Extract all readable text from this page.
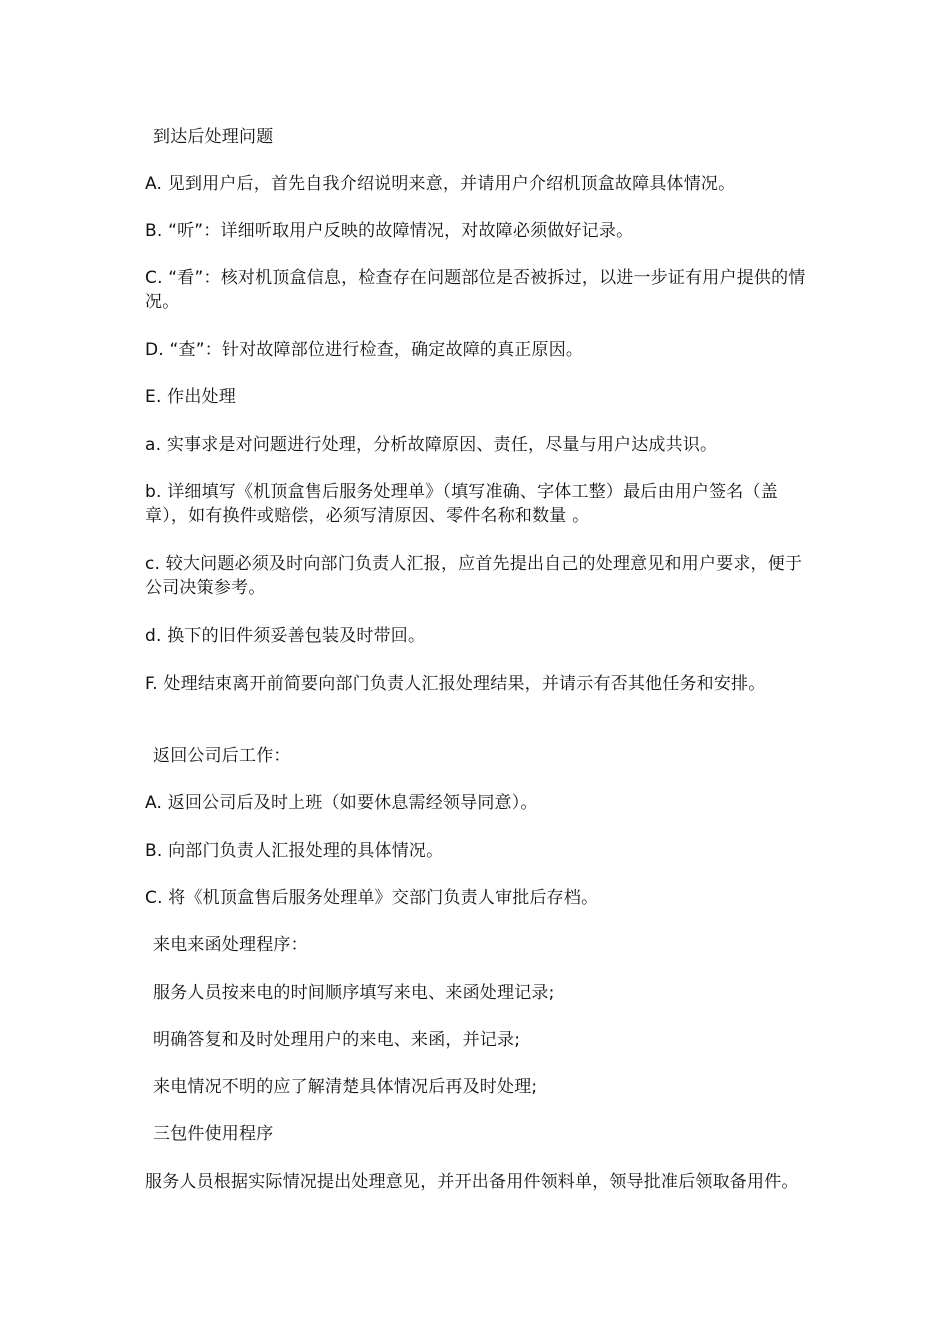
到达后处理问题

A. 见到用户后，首先自我介绍说明来意，并请用户介绍机顶盒故障具体情况。

B. “听”：详细听取用户反映的故障情况，对故障必须做好记录。

C. “看”：核对机顶盒信息，检查存在问题部位是否被拆过，以进一步证有用户提供的情况。

D. “查”：针对故障部位进行检查，确定故障的真正原因。

E. 作出处理

a. 实事求是对问题进行处理，分析故障原因、责任，尽量与用户达成共识。

b. 详细填写《机顶盒售后服务处理单》（填写准确、字体工整）最后由用户签名（盖章），如有换件或赔偿，必须写清原因、零件名称和数量 。

c. 较大问题必须及时向部门负责人汇报，应首先提出自己的处理意见和用户要求，便于公司决策参考。

d. 换下的旧件须妥善包装及时带回。

F. 处理结束离开前简要向部门负责人汇报处理结果，并请示有否其他任务和安排。

返回公司后工作：

A. 返回公司后及时上班（如要休息需经领导同意）。

B. 向部门负责人汇报处理的具体情况。

C. 将《机顶盒售后服务处理单》交部门负责人审批后存档。

来电来函处理程序：

服务人员按来电的时间顺序填写来电、来函处理记录;

明确答复和及时处理用户的来电、来函，并记录;

来电情况不明的应了解清楚具体情况后再及时处理;

三包件使用程序

服务人员根据实际情况提出处理意见，并开出备用件领料单，领导批准后领取备用件。
